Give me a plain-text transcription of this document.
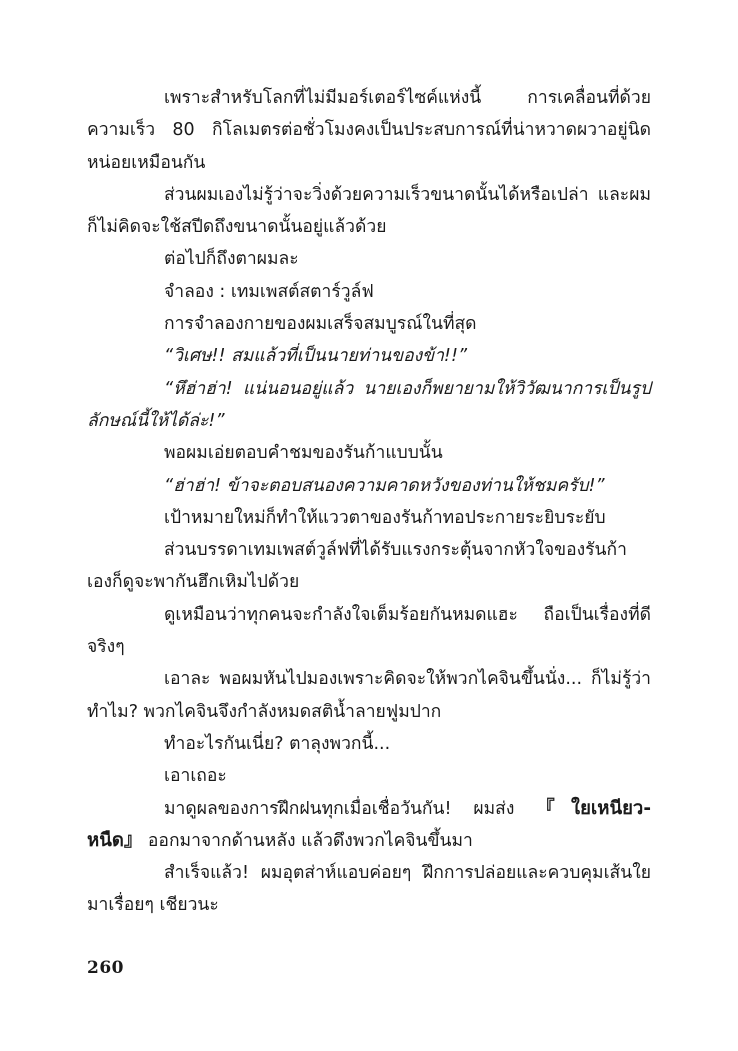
เพราะสำหรับโลกที่ไม่มีมอร์เตอร์ไซค์แห่งนี้ การเคลื่อนที่ด้วยความเร็ว 80 กิโลเมตรต่อชั่วโมงคงเป็นประสบการณ์ที่น่าหวาดผวาอยู่นิดหน่อยเหมือนกัน

ส่วนผมเองไม่รู้ว่าจะวิ่งด้วยความเร็วขนาดนั้นได้หรือเปล่า และผมก็ไม่คิดจะใช้สปีดถึงขนาดนั้นอยู่แล้วด้วย

ต่อไปก็ถึงตาผมละ

จำลอง : เทมเพสต์สตาร์วูล์ฟ

การจำลองกายของผมเสร็จสมบูรณ์ในที่สุด

“วิเศษ!! สมแล้วที่เป็นนายท่านของข้า!!”

“หึฮ่าฮ่า! แน่นอนอยู่แล้ว นายเองก็พยายามให้วิวัฒนาการเป็นรูปลักษณ์นี้ให้ได้ล่ะ!”

พอผมเอ่ยตอบคำชมของรันก้าแบบนั้น

“ฮ่าฮ่า! ข้าจะตอบสนองความคาดหวังของท่านให้ชมครับ!”

เป้าหมายใหม่ก็ทำให้แววตาของรันก้าทอประกายระยิบระยับ

ส่วนบรรดาเทมเพสต์วูล์ฟที่ได้รับแรงกระตุ้นจากหัวใจของรันก้าเองก็ดูจะพากันฮึกเหิมไปด้วย

ดูเหมือนว่าทุกคนจะกำลังใจเต็มร้อยกันหมดแฮะ ถือเป็นเรื่องที่ดีจริงๆ

เอาละ พอผมหันไปมองเพราะคิดจะให้พวกไคจินขึ้นนั่ง... ก็ไม่รู้ว่าทำไม? พวกไคจินจึงกำลังหมดสติน้ำลายฟูมปาก

ทำอะไรกันเนี่ย? ตาลุงพวกนี้...

เอาเถอะ

มาดูผลของการฝึกฝนทุกเมื่อเชื่อวันกัน! ผมส่ง 『ใยเหนียว-หนืด』 ออกมาจากด้านหลัง แล้วดึงพวกไคจินขึ้นมา

สำเร็จแล้ว! ผมอุตส่าห์แอบค่อยๆ ฝึกการปล่อยและควบคุมเส้นใยมาเรื่อยๆ เชียวนะ

260
